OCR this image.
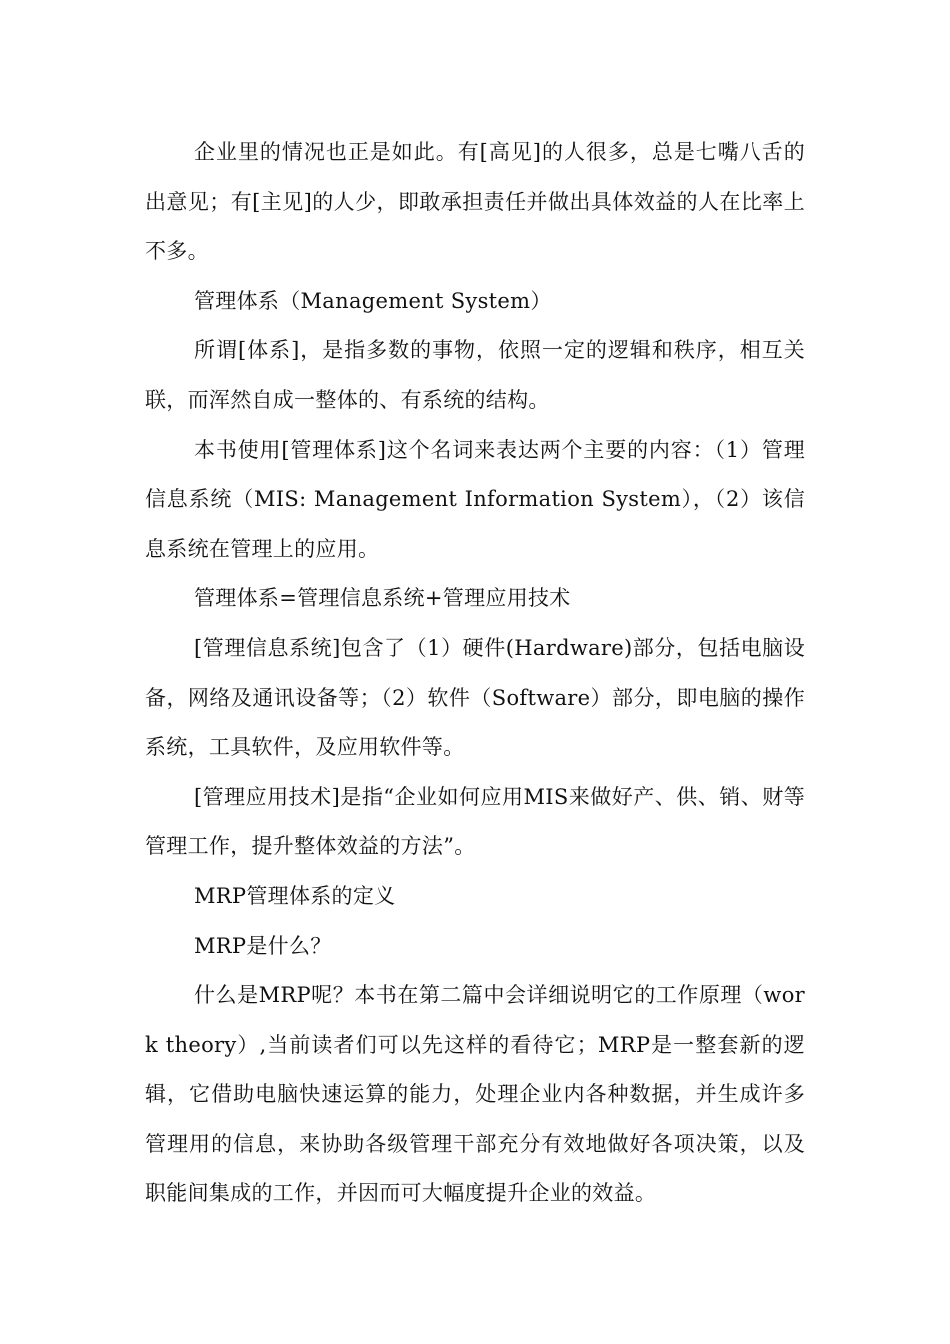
企业里的情况也正是如此。有[高见]的人很多，总是七嘴八舌的出意见；有[主见]的人少，即敢承担责任并做出具体效益的人在比率上不多。

管理体系（Management System）

所谓[体系]，是指多数的事物，依照一定的逻辑和秩序，相互关联，而浑然自成一整体的、有系统的结构。

本书使用[管理体系]这个名词来表达两个主要的内容：（1）管理信息系统（MIS: Management Information System），（2）该信息系统在管理上的应用。

管理体系=管理信息系统+管理应用技术

[管理信息系统]包含了（1）硬件(Hardware)部分，包括电脑设备，网络及通讯设备等；（2）软件（Software）部分，即电脑的操作系统，工具软件，及应用软件等。

[管理应用技术]是指“企业如何应用MIS来做好产、供、销、财等管理工作，提升整体效益的方法”。

MRP管理体系的定义

MRP是什么？

什么是MRP呢？本书在第二篇中会详细说明它的工作原理（work theory）,当前读者们可以先这样的看待它；MRP是一整套新的逻辑，它借助电脑快速运算的能力，处理企业内各种数据，并生成许多管理用的信息，来协助各级管理干部充分有效地做好各项决策，以及职能间集成的工作，并因而可大幅度提升企业的效益。
